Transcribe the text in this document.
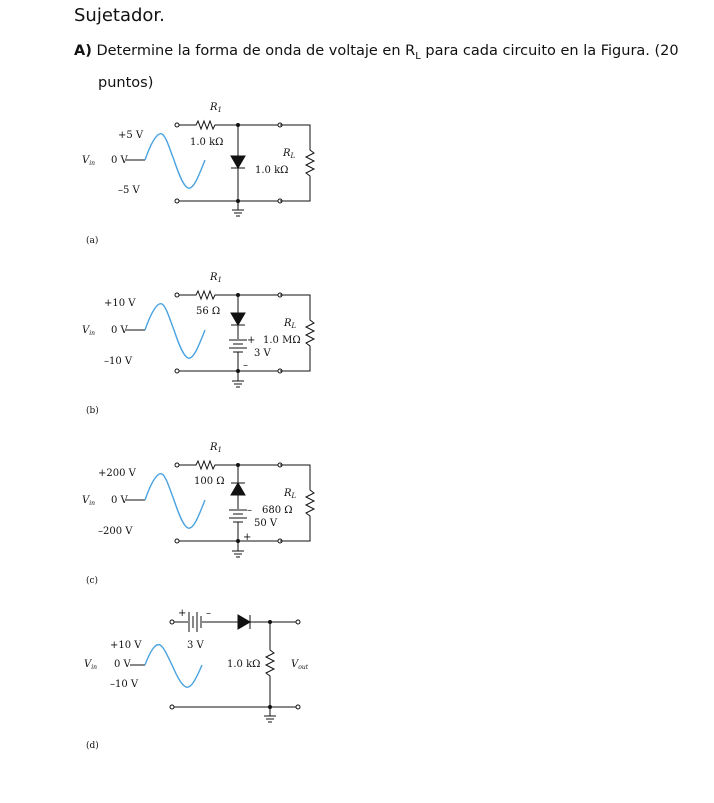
Sujetador.
A) Determine la forma de onda de voltaje en $R_L$ para cada circuito en la Figura. (20
puntos)
$R_1$
1.0 kΩ
+5 V
$V_{in}$ 0 V
–5 V
$R_L$
1.0 kΩ
(a)
$R_1$
56 Ω
+10 V
$V_{in}$ 0 V
–10 V
$R_L$
1.0 MΩ
+
3 V
–
(b)
$R_1$
100 Ω
+200 V
$V_{in}$ 0 V
–200 V
$R_L$
680 Ω
–
50 V
+
(c)
+ –
3 V
+10 V
$V_{in}$ 0 V
–10 V
1.0 kΩ	$V_{out}$
(d)
